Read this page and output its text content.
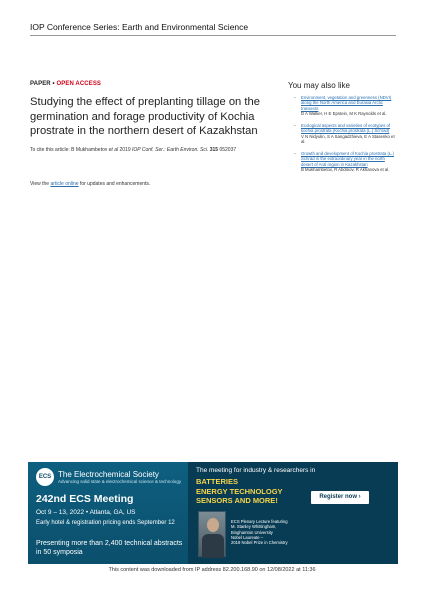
IOP Conference Series: Earth and Environmental Science
PAPER • OPEN ACCESS
Studying the effect of preplanting tillage on the germination and forage productivity of Kochia prostrate in the northern desert of Kazakhstan
To cite this article: B Mukhambetov et al 2019 IOP Conf. Ser.: Earth Environ. Sci. 315 052037
View the article online for updates and enhancements.
You may also like
- Environment, vegetation and greenness (NDVI) along the North America and Eurasia Arctic transects
D A Walker, H E Epstein, M K Raynolds et al.
- Ecological aspects and varieties of ecotypes of kochia prostrata (Kochia prostrata (L.) Schrad)
V N Nidyulin, S A Sangadzhieva, E A Stasenko et al.
- Growth and development of Kochia prostrata (L.) Schrad in the extraordinary year in the north desert of Aral region in Kazakhstan
B Mukhambetov, R Abdinov, R Akhanova et al.
ECS The Electrochemical Society
Advancing solid state & electrochemical science & technology
242nd ECS Meeting
Oct 9 – 13, 2022 • Atlanta, GA, US
Early hotel & registration pricing ends September 12
Presenting more than 2,400 technical abstracts in 50 symposia
The meeting for industry & researchers in
BATTERIES
ENERGY TECHNOLOGY
SENSORS AND MORE!	Register now ›
ECS Plenary Lecture featuring
M. Stanley Whittingham,
Binghamton University
Nobel Laureate –
2019 Nobel Prize in Chemistry
This content was downloaded from IP address 82.200.168.90 on 12/08/2022 at 11:36
